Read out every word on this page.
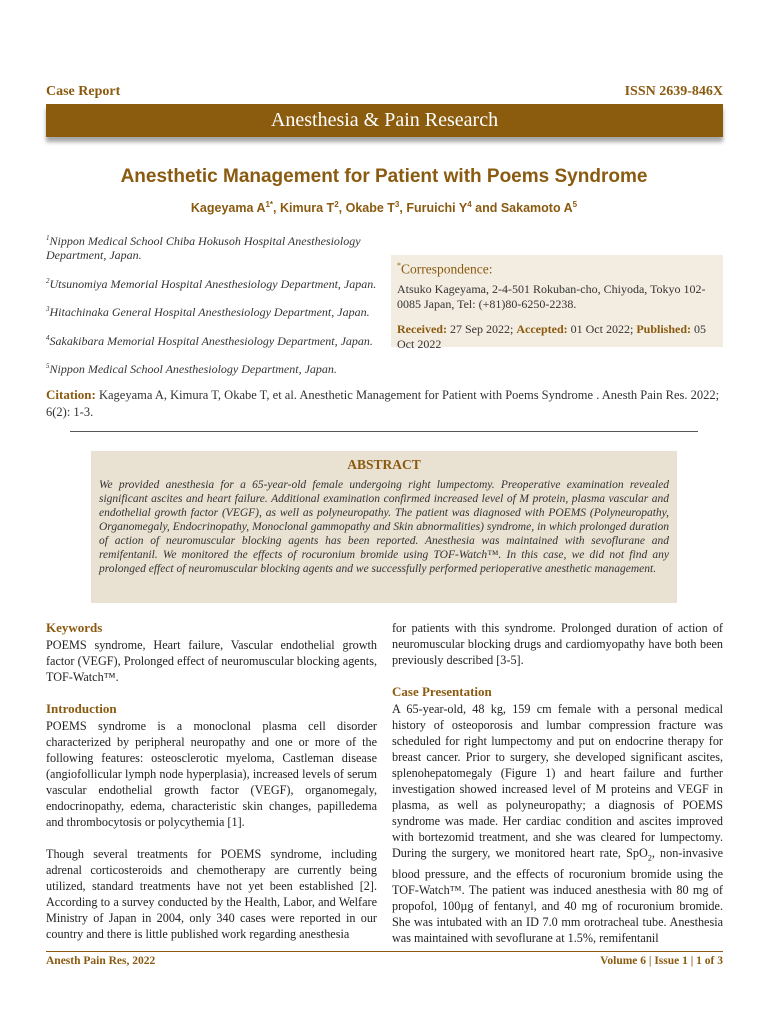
Case Report	ISSN 2639-846X
Anesthesia & Pain Research
Anesthetic Management for Patient with Poems Syndrome
Kageyama $A^{1*}$, Kimura $T^2$, Okabe $T^3$, Furuichi $Y^4$ and Sakamoto $A^5$
$^1$Nippon Medical School Chiba Hokusoh Hospital Anesthesiology Department, Japan.
$^2$Utsunomiya Memorial Hospital Anesthesiology Department, Japan.
$^3$Hitachinaka General Hospital Anesthesiology Department, Japan.
$^4$Sakakibara Memorial Hospital Anesthesiology Department, Japan.
$^5$Nippon Medical School Anesthesiology Department, Japan.
*Correspondence:
Atsuko Kageyama, 2-4-501 Rokuban-cho, Chiyoda, Tokyo 102-0085 Japan, Tel: (+81)80-6250-2238.
Received: 27 Sep 2022; Accepted: 01 Oct 2022; Published: 05 Oct 2022
Citation: Kageyama A, Kimura T, Okabe T, et al. Anesthetic Management for Patient with Poems Syndrome . Anesth Pain Res. 2022; 6(2): 1-3.
ABSTRACT
We provided anesthesia for a 65-year-old female undergoing right lumpectomy. Preoperative examination revealed significant ascites and heart failure. Additional examination confirmed increased level of M protein, plasma vascular and endothelial growth factor (VEGF), as well as polyneuropathy. The patient was diagnosed with POEMS (Polyneuropathy, Organomegaly, Endocrinopathy, Monoclonal gammopathy and Skin abnormalities) syndrome, in which prolonged duration of action of neuromuscular blocking agents has been reported. Anesthesia was maintained with sevoflurane and remifentanil. We monitored the effects of rocuronium bromide using TOF-Watch™. In this case, we did not find any prolonged effect of neuromuscular blocking agents and we successfully performed perioperative anesthetic management.
Keywords

POEMS syndrome, Heart failure, Vascular endothelial growth factor (VEGF), Prolonged effect of neuromuscular blocking agents, TOF-Watch™.

Introduction

POEMS syndrome is a monoclonal plasma cell disorder characterized by peripheral neuropathy and one or more of the following features: osteosclerotic myeloma, Castleman disease (angiofollicular lymph node hyperplasia), increased levels of serum vascular endothelial growth factor (VEGF), organomegaly, endocrinopathy, edema, characteristic skin changes, papilledema and thrombocytosis or polycythemia [1].

Though several treatments for POEMS syndrome, including adrenal corticosteroids and chemotherapy are currently being utilized, standard treatments have not yet been established [2]. According to a survey conducted by the Health, Labor, and Welfare Ministry of Japan in 2004, only 340 cases were reported in our country and there is little published work regarding anesthesia

for patients with this syndrome. Prolonged duration of action of neuromuscular blocking drugs and cardiomyopathy have both been previously described [3-5].

Case Presentation

A 65-year-old, 48 kg, 159 cm female with a personal medical history of osteoporosis and lumbar compression fracture was scheduled for right lumpectomy and put on endocrine therapy for breast cancer. Prior to surgery, she developed significant ascites, splenohepatomegaly (Figure 1) and heart failure and further investigation showed increased level of M proteins and VEGF in plasma, as well as polyneuropathy; a diagnosis of POEMS syndrome was made. Her cardiac condition and ascites improved with bortezomid treatment, and she was cleared for lumpectomy. During the surgery, we monitored heart rate, SpO$_2$, non-invasive blood pressure, and the effects of rocuronium bromide using the TOF-Watch™. The patient was induced anesthesia with 80 mg of propofol, 100µg of fentanyl, and 40 mg of rocuronium bromide. She was intubated with an ID 7.0 mm orotracheal tube. Anesthesia was maintained with sevoflurane at 1.5%, remifentanil

Anesth Pain Res, 2022	Volume 6 | Issue 1 | 1 of 3
